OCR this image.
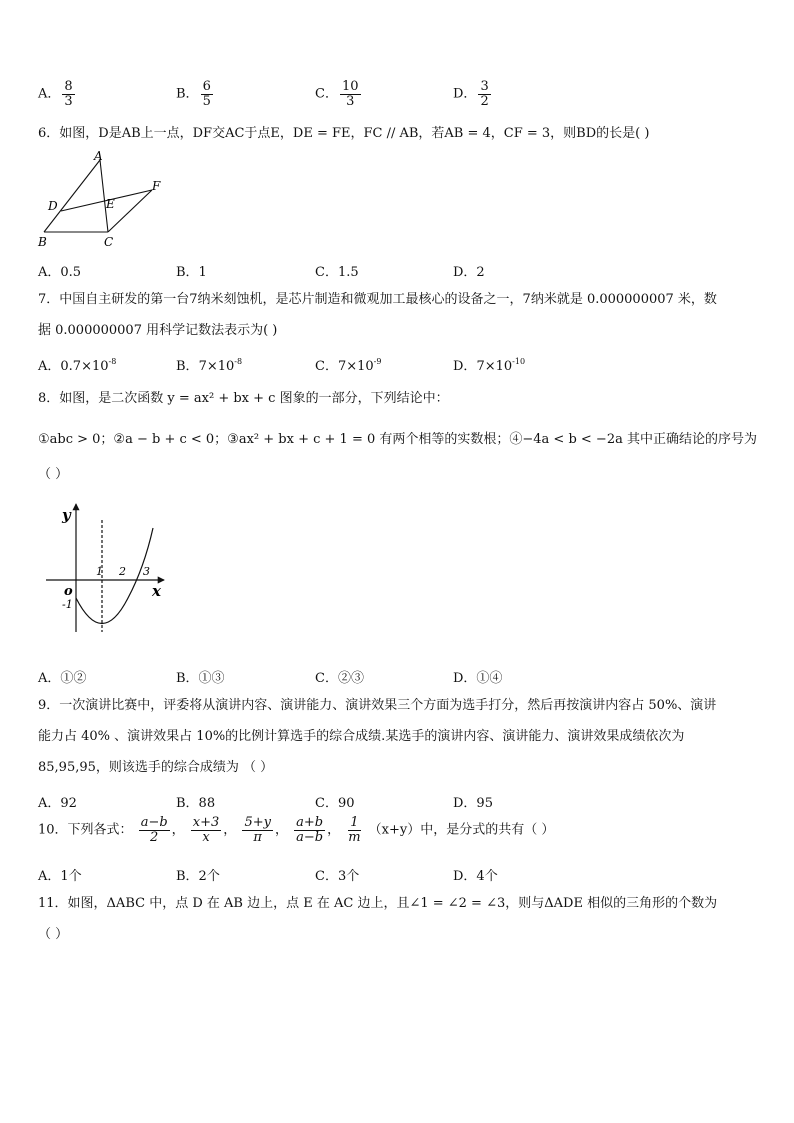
A． $\frac{8}{3}$	B． $\frac{6}{5}$	C． $\frac{10}{3}$	D． $\frac{3}{2}$
6．如图，D是AB上一点，DF交AC于点E，DE = FE，FC // AB，若AB = 4，CF = 3，则BD的长是( )
A
B	C
D	E
F
A．0.5	B．1	C．1.5	D．2
7．中国自主研发的第一台7纳米刻蚀机，是芯片制造和微观加工最核心的设备之一，7纳米就是 0.000000007 米，数
据 0.000000007 用科学记数法表示为( )
A．$0.7\times 10^{-8}$	B．$7\times 10^{-8}$	C．$7\times 10^{-9}$	D．$7\times 10^{-10}$
8．如图，是二次函数 y = ax² + bx + c 图象的一部分，下列结论中：
①abc > 0；②a − b + c < 0；③ax² + bx + c + 1 = 0 有两个相等的实数根；④−4a < b < −2a 其中正确结论的序号为
（ ）
y
x
o
1 2 3
-1
A．①②	B．①③	C．②③	D．①④
9．一次演讲比赛中，评委将从演讲内容、演讲能力、演讲效果三个方面为选手打分，然后再按演讲内容占 50%、演讲
能力占 40% 、演讲效果占 10%的比例计算选手的综合成绩.某选手的演讲内容、演讲能力、演讲效果成绩依次为
85,95,95，则该选手的综合成绩为 （ ）
A．92	B．88	C．90	D．95
10．下列各式： $\frac{a-b}{2}$ ， $\frac{x+3}{x}$ ， $\frac{5+y}{\pi}$ ， $\frac{a+b}{a-b}$ ， $\frac{1}{m} (x+y)$中，是分式的共有（ ）
A．1个	B．2个	C．3个	D．4个
11．如图，ΔABC 中，点 D 在 AB 边上，点 E 在 AC 边上，且∠1 = ∠2 = ∠3，则与ΔADE 相似的三角形的个数为
（ ）
